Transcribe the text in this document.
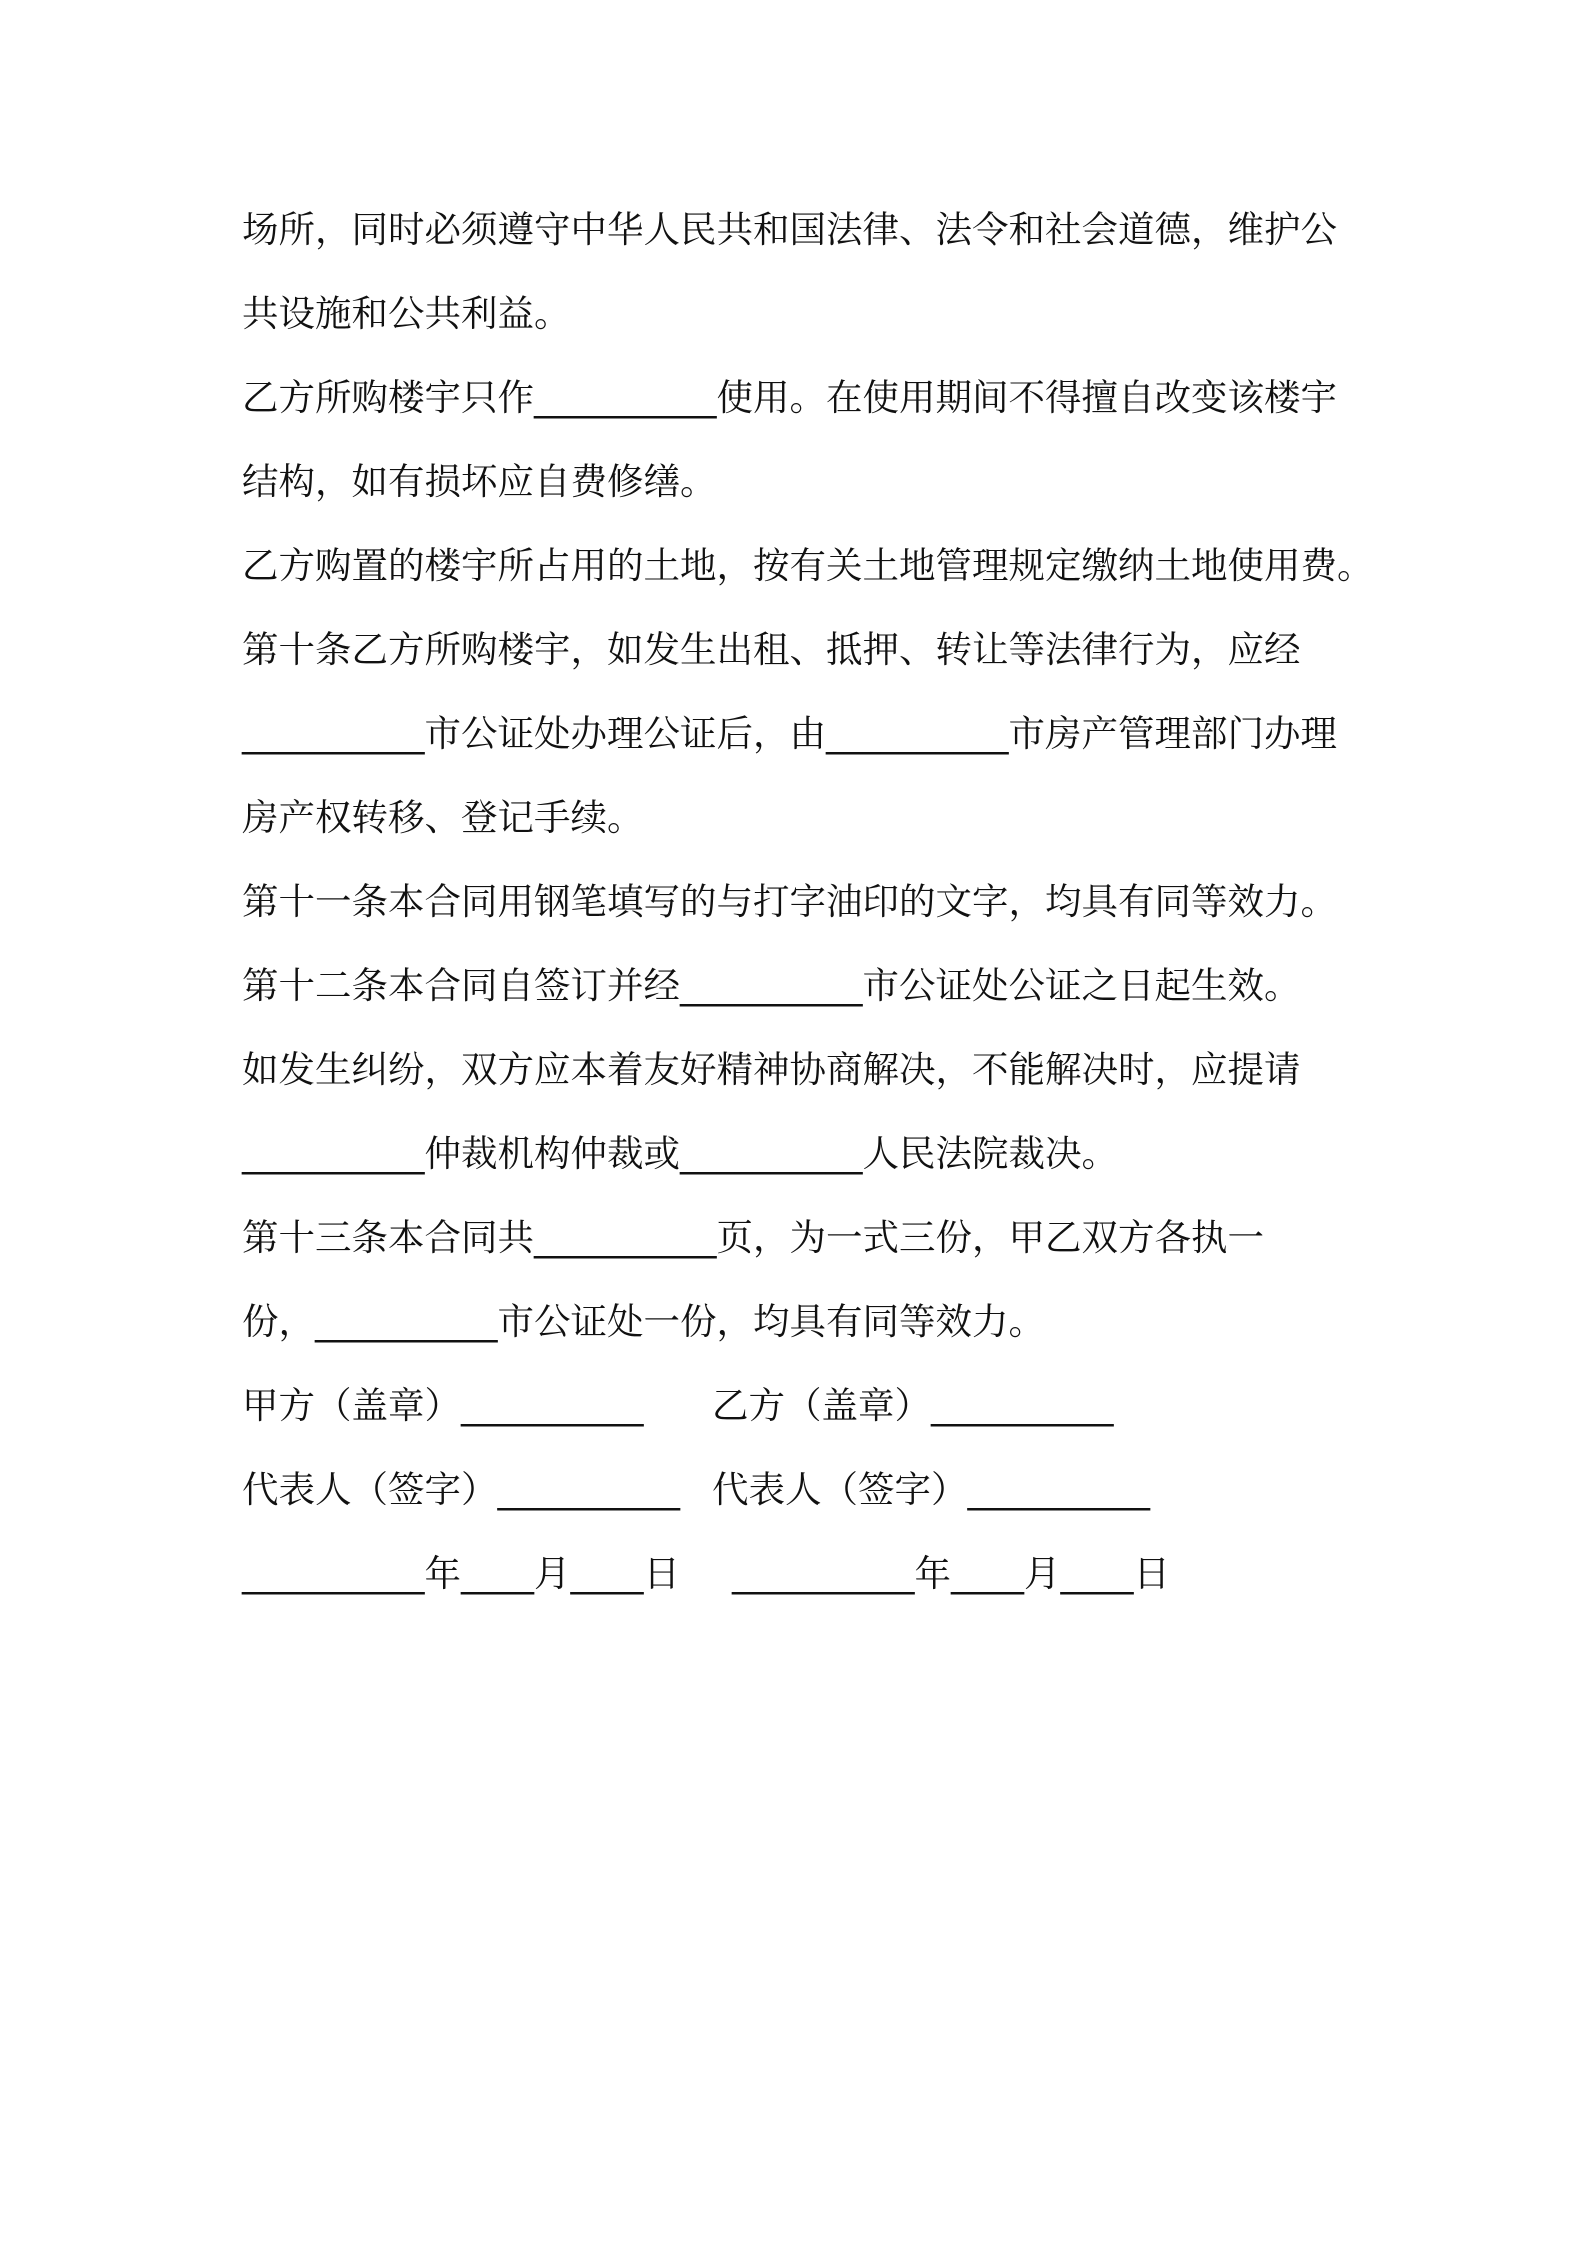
场所，同时必须遵守中华人民共和国法律、法令和社会道德，维护公

共设施和公共利益。

乙方所购楼宇只作__________使用。在使用期间不得擅自改变该楼宇

结构，如有损坏应自费修缮。

乙方购置的楼宇所占用的土地，按有关土地管理规定缴纳土地使用费。

第十条乙方所购楼宇，如发生出租、抵押、转让等法律行为，应经

__________市公证处办理公证后，由__________市房产管理部门办理

房产权转移、登记手续。

第十一条本合同用钢笔填写的与打字油印的文字，均具有同等效力。

第十二条本合同自签订并经__________市公证处公证之日起生效。

如发生纠纷，双方应本着友好精神协商解决，不能解决时，应提请

__________仲裁机构仲裁或__________人民法院裁决。

第十三条本合同共__________页，为一式三份，甲乙双方各执一

份，__________市公证处一份，均具有同等效力。

甲方（盖章）__________ 乙方（盖章）__________

代表人（签字）__________ 代表人（签字）__________

__________年____月____日 __________年____月____日
